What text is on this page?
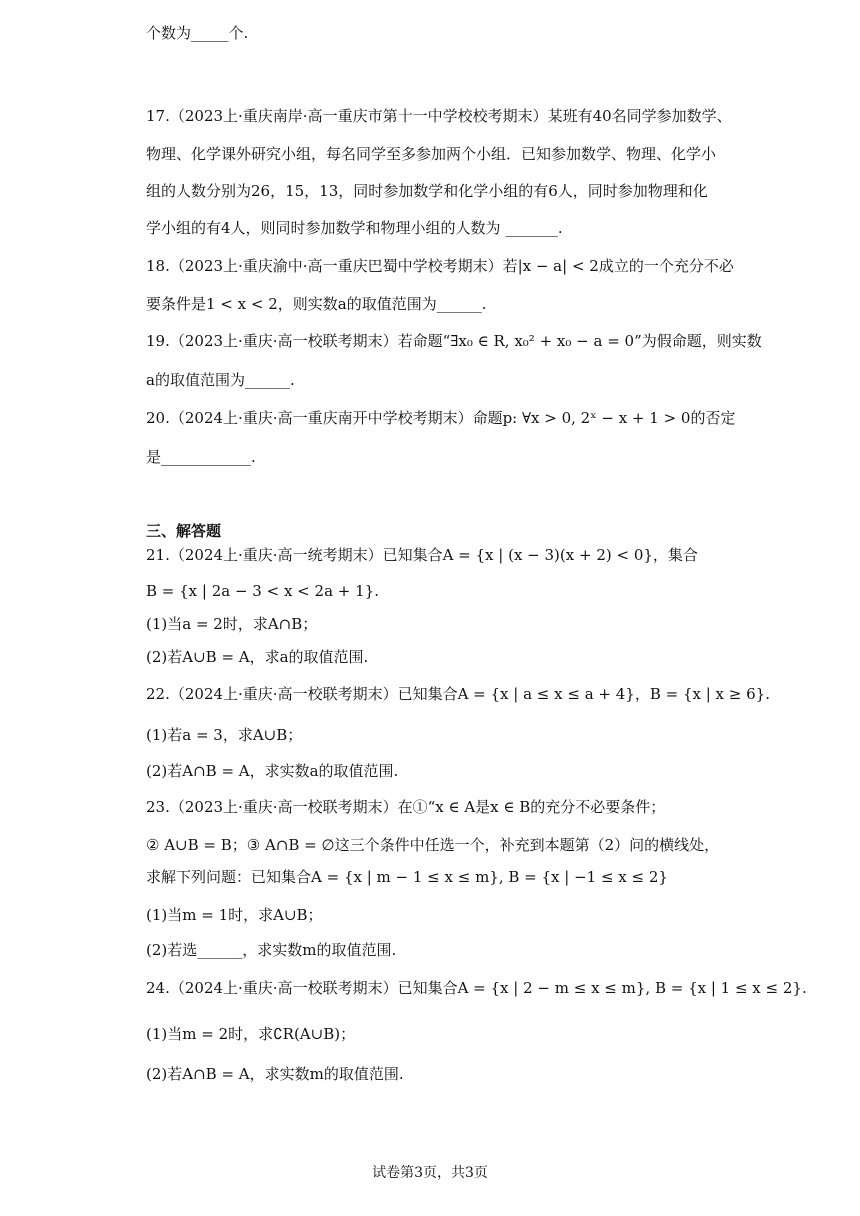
个数为_____个.
17.（2023上·重庆南岸·高一重庆市第十一中学校校考期末）某班有40名同学参加数学、
物理、化学课外研究小组，每名同学至多参加两个小组．已知参加数学、物理、化学小
组的人数分别为26，15，13，同时参加数学和化学小组的有6人，同时参加物理和化
学小组的有4人，则同时参加数学和物理小组的人数为 _______.
18.（2023上·重庆渝中·高一重庆巴蜀中学校考期末）若|x − a| < 2成立的一个充分不必
要条件是1 < x < 2，则实数a的取值范围为______.
19.（2023上·重庆·高一校联考期末）若命题“∃x₀ ∈ R, x₀² + x₀ − a = 0”为假命题，则实数
a的取值范围为______.
20.（2024上·重庆·高一重庆南开中学校考期末）命题p: ∀x > 0, 2ˣ − x + 1 > 0的否定
是____________.
三、解答题
21.（2024上·重庆·高一统考期末）已知集合A = {x | (x − 3)(x + 2) < 0}，集合
B = {x | 2a − 3 < x < 2a + 1}.
(1)当a = 2时，求A∩B；
(2)若A∪B = A，求a的取值范围.
22.（2024上·重庆·高一校联考期末）已知集合A = {x | a ≤ x ≤ a + 4}，B = {x | x ≥ 6}.
(1)若a = 3，求A∪B；
(2)若A∩B = A，求实数a的取值范围.
23.（2023上·重庆·高一校联考期末）在①“x ∈ A是x ∈ B的充分不必要条件；
② A∪B = B；③ A∩B = ∅这三个条件中任选一个，补充到本题第（2）问的横线处，
求解下列问题：已知集合A = {x | m − 1 ≤ x ≤ m}, B = {x | −1 ≤ x ≤ 2}
(1)当m = 1时，求A∪B；
(2)若选______，求实数m的取值范围.
24.（2024上·重庆·高一校联考期末）已知集合A = {x | 2 − m ≤ x ≤ m}, B = {x | 1 ≤ x ≤ 2}.
(1)当m = 2时，求∁R(A∪B)；
(2)若A∩B = A，求实数m的取值范围.
试卷第3页，共3页
